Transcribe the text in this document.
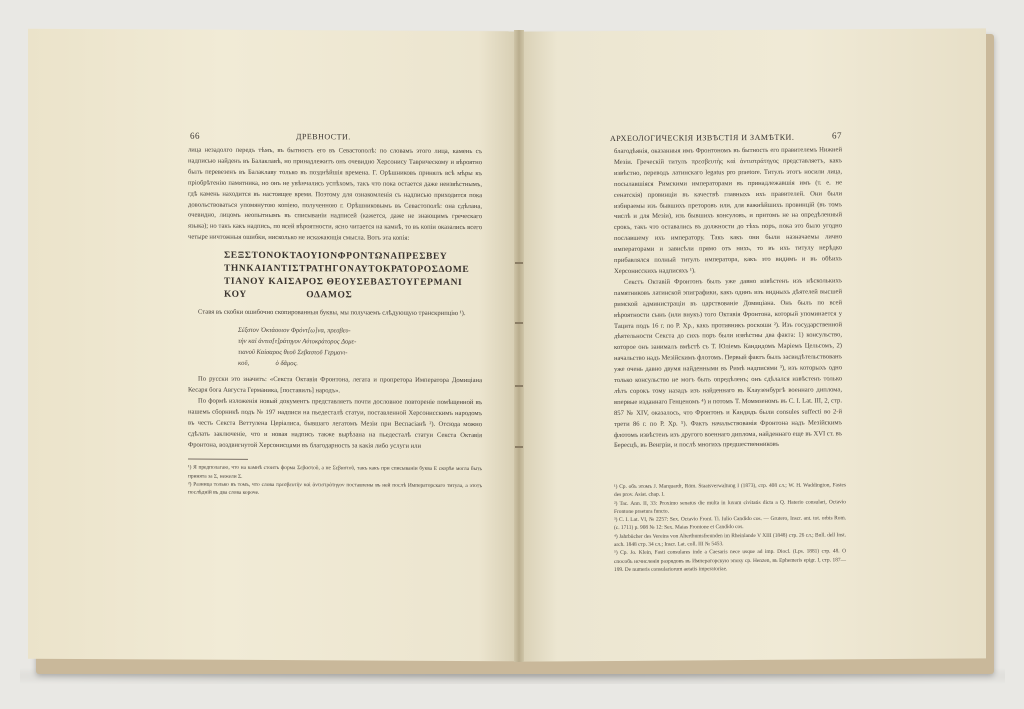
66	ДРЕВНОСТИ.

лица незадолго передъ тѣмъ, въ бытность его въ Севастополѣ: по словамъ этого лица, камень съ надписью найденъ въ Балаклавѣ, но принадлежитъ онъ очевидно Херсонису Таврическому и вѣроятно былъ перевезенъ въ Балаклаву только въ позднѣйшія времена. Г. Орѣшниковъ принялъ всѣ мѣры къ пріобрѣтенію памятника, но онъ не увѣнчались успѣхомъ, такъ что пока остается даже неизвѣстнымъ, гдѣ камень находится въ настоящее время. Поэтому для ознакомленія съ надписью приходится пока довольствоваться упомянутою копіею, полученною г. Орѣшниковымъ въ Севастополѣ: она сдѣлана, очевидно, лицомъ неопытнымъ въ списываніи надписей (кажется, даже не знающимъ греческаго языка); но такъ какъ надпись, по всей вѣроятности, ясно читается на камнѣ, то въ копіи оказались всего четыре ничтожныя ошибки, нисколько не искажающія смысла. Вотъ эта копія:

ΣΕΞΣΤΟΝΟΚΤΑΟΥΙΟΝΦΡΟΝΤΩΝΑΠΡΕΣΒΕΥ
ΤΗΝΚΑΙΑΝΤΙΣΤΡΑΤΗΓΟΝΑΥΤΟΚΡΑΤΟΡΟΣΔΟΜΕ
ΤΙΑΝΟΥ ΚΑΙΣΑΡΟΣ ΘΕΟΥΣΕΒΑΣΤΟΥΓΕΡΜΑΝΙ
ΚΟΥ                    ΟΔΑΜΟΣ

Ставя въ скобки ошибочно скопированныя буквы, мы получаемъ слѣдующую транскрипцію ¹).

Σέξστον Ὀκτάουιον Φρόντ[ω]να, πρεσβευ-
τὴν καὶ ἀντισ[τ]ράτηγον Αὐτοκράτορος Δομε-
τιανοῦ Καίσαρος θεοῦ Σεβαστοῦ Γερμανι-
κοῦ,                ὁ δᾶμος.

По русски это значитъ: «Секста Октавія Фронтона, легата и пропретора Императора Домиціана Кесаря бога Августа Германика, [поставилъ] народъ».

По формѣ изложенія новый документъ представляетъ почти дословное повтореніе помѣщенной въ нашемъ сборникѣ подъ № 197 надписи на пьедесталѣ статуи, поставленной Херсонисскимъ народомъ въ честь Секста Веттулена Церіалиса, бывшаго легатомъ Мезіи при Веспасіанѣ ²). Отсюда можно сдѣлать заключеніе, что и новая надпись также вырѣзана на пьедесталѣ статуи Секста Октавія Фронтона, воздвигнутой Херсонисцами въ благодарность за какія либо услуги или

¹) Я предполагаю, что на камнѣ стоитъ форма Σεβαστοῦ, а не Σεβαστοῦ, такъ какъ при списываніи буква Е скорѣе могла быть принята за Σ, нежели Σ.
²) Разница только въ томъ, что слова πρεσβευτὴν καὶ ἀντιστράτηγον поставлены въ ней послѣ Императорскаго титула, а этотъ послѣдній въ два слова короче.
АРХЕОЛОГИЧЕСКІЯ ИЗВѢСТІЯ И ЗАМѢТКИ.	67

благодѣянія, оказанныя имъ Фронтономъ въ бытность его правителемъ Нижней Мезіи. Греческій титулъ πρεσβευτὴς καὶ ἀντιστράτηγος представляетъ, какъ извѣстно, переводъ латинскаго legatus pro praetore. Титулъ этотъ носили лица, посылавшіяся Римскими императорами въ принадлежавшія имъ (т. е. не сенатскія) провинціи въ качествѣ главныхъ ихъ правителей. Они были избираемы изъ бывшихъ преторовъ или, для важнѣйшихъ провинцій (въ томъ числѣ и для Мезіи), изъ бывшихъ консуловъ, и притомъ не на опредѣленный срокъ, такъ что оставались въ должности до тѣхъ поръ, пока это было угодно пославшему ихъ императору. Такъ какъ они были назначаемы лично императорами и зависѣли прямо отъ нихъ, то въ ихъ титулу нерѣдко прибавлялся полный титулъ императора, какъ это видимъ и въ обѣихъ Херсонисскихъ надписяхъ ¹).

Секстъ Октавій Фронтонъ былъ уже давно извѣстенъ изъ нѣсколькихъ памятниковъ латинской эпиграфики, какъ одинъ изъ видныхъ дѣятелей высшей римской администраціи въ царствованіе Домиціана. Онъ былъ по всей вѣроятности сынъ (или внукъ) того Октавія Фронтона, который упоминается у Тацита подъ 16 г. по Р. Хр., какъ противникъ роскоши ²). Изъ государственной дѣятельности Секста до сихъ поръ были извѣстны два факта: 1) консульство, которое онъ занималъ вмѣстѣ съ Т. Юліемъ Кандидомъ Маріемъ Цельсомъ, 2) начальство надъ Мезійскимъ флотомъ. Первый фактъ былъ засвидѣтельствованъ уже очень давно двумя найденными въ Римѣ надписями ³), изъ которыхъ одно только консульство не могъ быть опредѣленъ; онъ сдѣлался извѣстенъ только лѣтъ сорокъ тому назадъ изъ найденнаго въ Клаузенбургѣ военнаго диплома, впервые изданнаго Генценомъ ⁴) и потомъ Т. Моммзеномъ въ C. I. Lat. III, 2, стр. 857 № XIV, оказалось, что Фронтонъ и Кандидъ были consules suffecti во 2-й трети 86 г. по Р. Хр. ⁵). Фактъ начальствованія Фронтона надъ Мезійскимъ флотомъ извѣстенъ изъ другого военнаго диплома, найденнаго еще въ XVI ст. въ Бересцѣ, въ Венгріи, и послѣ многихъ предшественниковъ

¹) Ср. объ этомъ J. Marquardt, Röm. Staatsverwaltung I (1873), стр. 408 сл.; W. H. Waddington, Fastes des prov. Asiat. chap. I.
²) Tac. Ann. II, 33: Proximo senatus die multa in luxum civitatis dicta a Q. Haterio consulari, Octavio Frontone praetura functo.
³) C. I. Lat. VI, № 2257: Sex. Octavio Front. Ti. Iulio Candido cos. — Grutero, Inscr. ant. tot. orbis Rom. (c. 1711) p. 908 № 12: Sex. Maias Frontone et Candido cos.
⁴) Jahrbücher des Vereins von Alterthumsfreunden im Rheinlande V XIII (1848) стр. 26 сл.; Bull. dell Inst. arch. 1848 стр. 34 сл.; Inscr. Lat. coll. III № 5453.
⁵) Ср. Jo. Klein, Fasti consulares inde a Caesaris nece usque ad imp. Diocl. (Lps. 1881) стр. 48. О способъ исчисленія разрядовъ въ Императорскую эпоху ср. Henzen, въ Ephemeris epigr. I, стр. 187—199. De numeris consulariorum aetatis imperatoriae.
